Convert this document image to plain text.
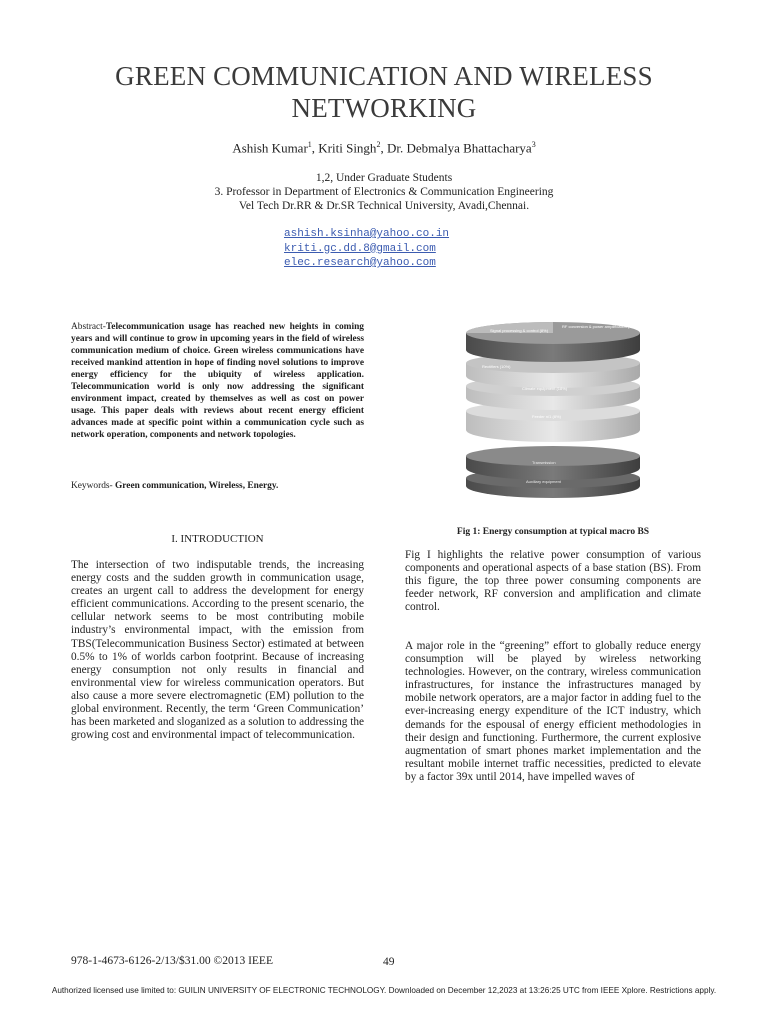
GREEN COMMUNICATION AND WIRELESS NETWORKING
Ashish Kumar$^1$, Kriti Singh$^2$, Dr. Debmalya Bhattacharya$^3$
1,2, Under Graduate Students
3. Professor in Department of Electronics & Communication Engineering
Vel Tech Dr.RR & Dr.SR Technical University, Avadi,Chennai.
ashish.ksinha@yahoo.co.in
kriti.gc.dd.8@gmail.com
elec.research@yahoo.com
Abstract-Telecommunication usage has reached new heights in coming years and will continue to grow in upcoming years in the field of wireless communication medium of choice. Green wireless communications have received mankind attention in hope of finding novel solutions to improve energy efficiency for the ubiquity of wireless application. Telecommunication world is only now addressing the significant environment impact, created by themselves as well as cost on power usage. This paper deals with reviews about recent energy efficient advances made at specific point within a communication cycle such as network operation, components and network topologies.
Keywords- Green communication, Wireless, Energy.
Signal processing & control (8%)
RF conversion & power amplification (75%)
Rectifiers (10%)
Climate equipment (18%)
Feeder n/1 (8%)
Transmission
Auxiliary equipment
Fig 1: Energy consumption at typical macro BS
I. INTRODUCTION
The intersection of two indisputable trends, the increasing energy costs and the sudden growth in communication usage, creates an urgent call to address the development for energy efficient communications. According to the present scenario, the cellular network seems to be most contributing mobile industry’s environmental impact, with the emission from TBS(Telecommunication Business Sector) estimated at between 0.5% to 1% of worlds carbon footprint. Because of increasing energy consumption not only results in financial and environmental view for wireless communication operators. But also cause a more severe electromagnetic (EM) pollution to the global environment. Recently, the term ‘Green Communication’ has been marketed and sloganized as a solution to addressing the growing cost and environmental impact of telecommunication.
Fig I highlights the relative power consumption of various components and operational aspects of a base station (BS). From this figure, the top three power consuming components are feeder network, RF conversion and amplification and climate control.
A major role in the “greening” effort to globally reduce energy consumption will be played by wireless networking technologies. However, on the contrary, wireless communication infrastructures, for instance the infrastructures managed by mobile network operators, are a major factor in adding fuel to the ever-increasing energy expenditure of the ICT industry, which demands for the espousal of energy efficient methodologies in their design and functioning. Furthermore, the current explosive augmentation of smart phones market implementation and the resultant mobile internet traffic necessities, predicted to elevate by a factor 39x until 2014, have impelled waves of
978-1-4673-6126-2/13/$31.00 ©2013 IEEE	49
Authorized licensed use limited to: GUILIN UNIVERSITY OF ELECTRONIC TECHNOLOGY. Downloaded on December 12,2023 at 13:26:25 UTC from IEEE Xplore. Restrictions apply.
